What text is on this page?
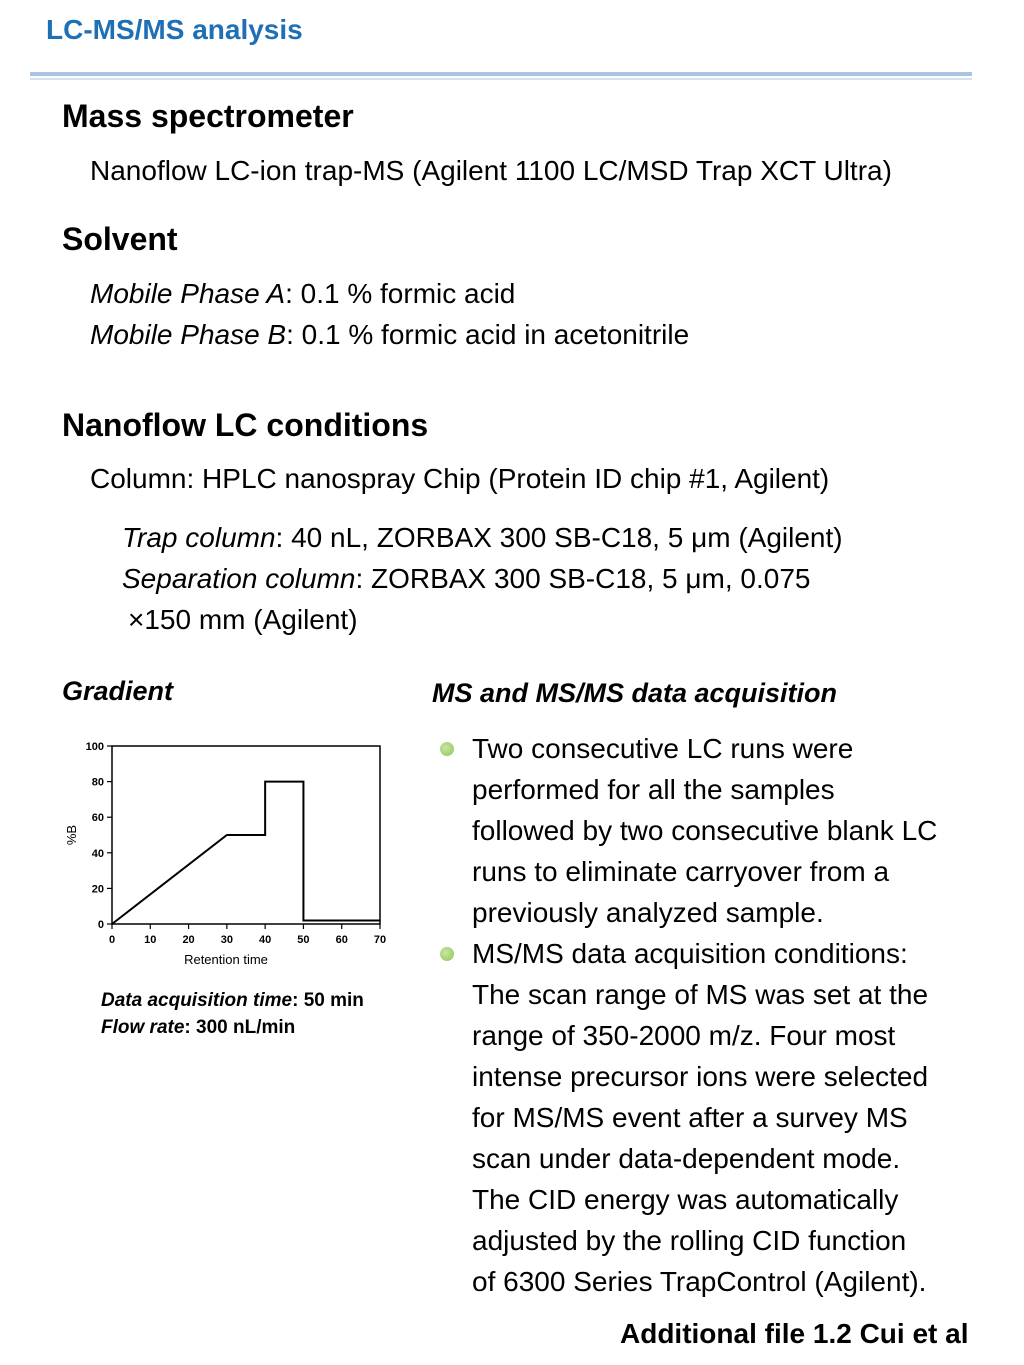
LC-MS/MS analysis
Mass spectrometer
Nanoflow LC-ion trap-MS (Agilent 1100 LC/MSD Trap XCT Ultra)
Solvent
Mobile Phase A: 0.1 % formic acid
Mobile Phase B: 0.1 % formic acid in acetonitrile
Nanoflow LC conditions
Column: HPLC nanospray Chip (Protein ID chip #1, Agilent)
Trap column: 40 nL, ZORBAX 300 SB-C18, 5 μm (Agilent)
Separation column: ZORBAX 300 SB-C18, 5 μm, 0.075
×150 mm (Agilent)
Gradient
0	10 20 30 40 50 60 70
0
20
40
60
80
100
Retention time
%B
Data acquisition time: 50 min
Flow rate: 300 nL/min
MS and MS/MS data acquisition
Two consecutive LC runs were
performed for all the samples
followed by two consecutive blank LC
runs to eliminate carryover from a
previously analyzed sample.
MS/MS data acquisition conditions:
The scan range of MS was set at the
range of 350-2000 m/z. Four most
intense precursor ions were selected
for MS/MS event after a survey MS
scan under data-dependent mode.
The CID energy was automatically
adjusted by the rolling CID function
of 6300 Series TrapControl (Agilent).
Additional file 1.2 Cui et al
